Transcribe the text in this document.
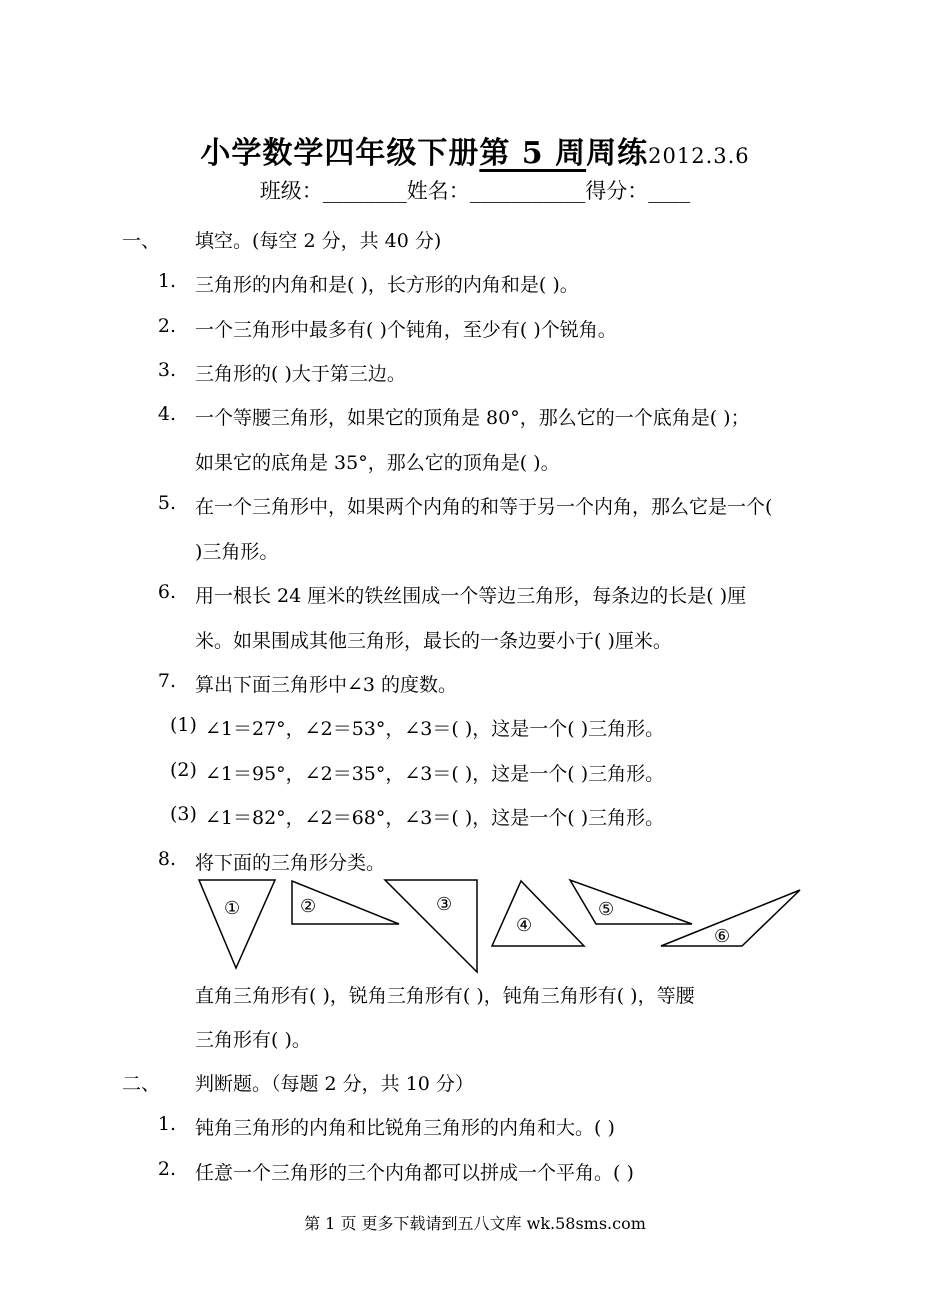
小学数学四年级下册第 5 周周练2012.3.6
班级：________姓名：___________得分：____
一、 填空。(每空 2 分，共 40 分)
1. 三角形的内角和是( )，长方形的内角和是( )。
2. 一个三角形中最多有( )个钝角，至少有( )个锐角。
3. 三角形的( )大于第三边。
4. 一个等腰三角形，如果它的顶角是 80°，那么它的一个底角是( )；
如果它的底角是 35°，那么它的顶角是( )。
5. 在一个三角形中，如果两个内角的和等于另一个内角，那么它是一个(
)三角形。
6. 用一根长 24 厘米的铁丝围成一个等边三角形，每条边的长是( )厘
米。如果围成其他三角形，最长的一条边要小于( )厘米。
7. 算出下面三角形中∠3 的度数。
(1) ∠1＝27°，∠2＝53°，∠3＝( )，这是一个( )三角形。
(2) ∠1＝95°，∠2＝35°，∠3＝( )，这是一个( )三角形。
(3) ∠1＝82°，∠2＝68°，∠3＝( )，这是一个( )三角形。
8. 将下面的三角形分类。
①	②	③
④
⑤
⑥
直角三角形有( )，锐角三角形有( )，钝角三角形有( )，等腰
三角形有( )。
二、 判断题。（每题 2 分，共 10 分）
1. 钝角三角形的内角和比锐角三角形的内角和大。( )
2. 任意一个三角形的三个内角都可以拼成一个平角。( )
第 1 页 更多下载请到五八文库 wk.58sms.com
